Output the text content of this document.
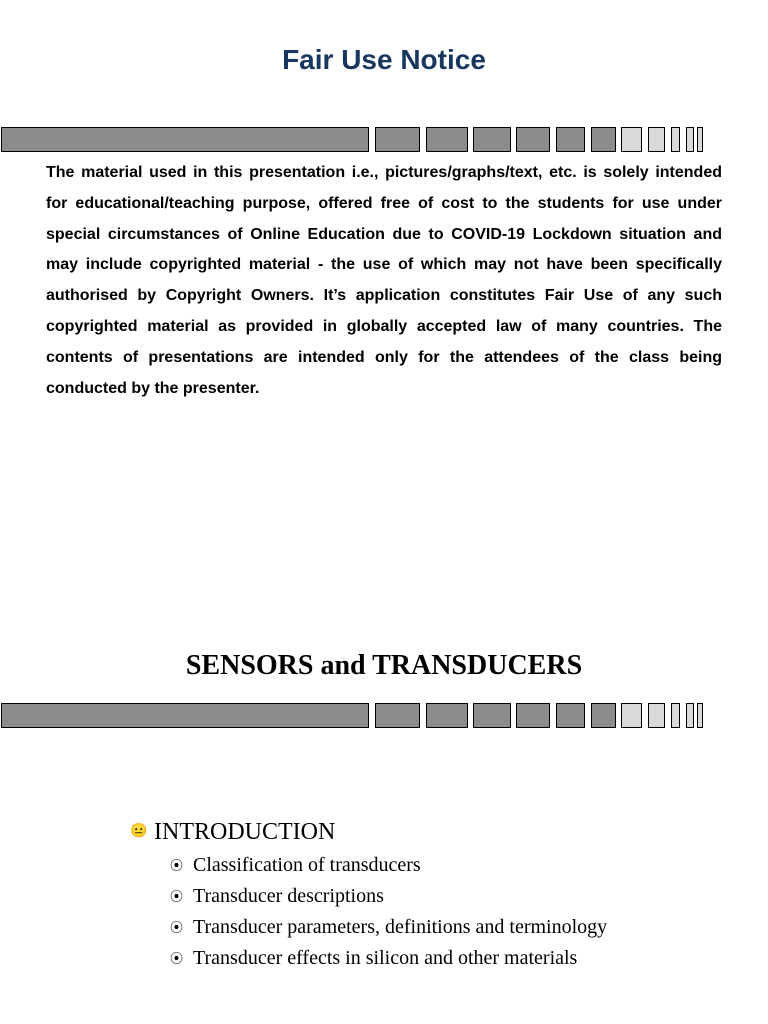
Fair Use Notice

The material used in this presentation i.e., pictures/graphs/text, etc. is solely intended for educational/teaching purpose, offered free of cost to the students for use under special circumstances of Online Education due to COVID-19 Lockdown situation and may include copyrighted material - the use of which may not have been specifically authorised by Copyright Owners. It’s application constitutes Fair Use of any such copyrighted material as provided in globally accepted law of many countries. The contents of presentations are intended only for the attendees of the class being conducted by the presenter.

SENSORS and TRANSDUCERS
😐 INTRODUCTION
⦿ Classification of transducers
⦿ Transducer descriptions
⦿ Transducer parameters, definitions and terminology
⦿ Transducer effects in silicon and other materials
